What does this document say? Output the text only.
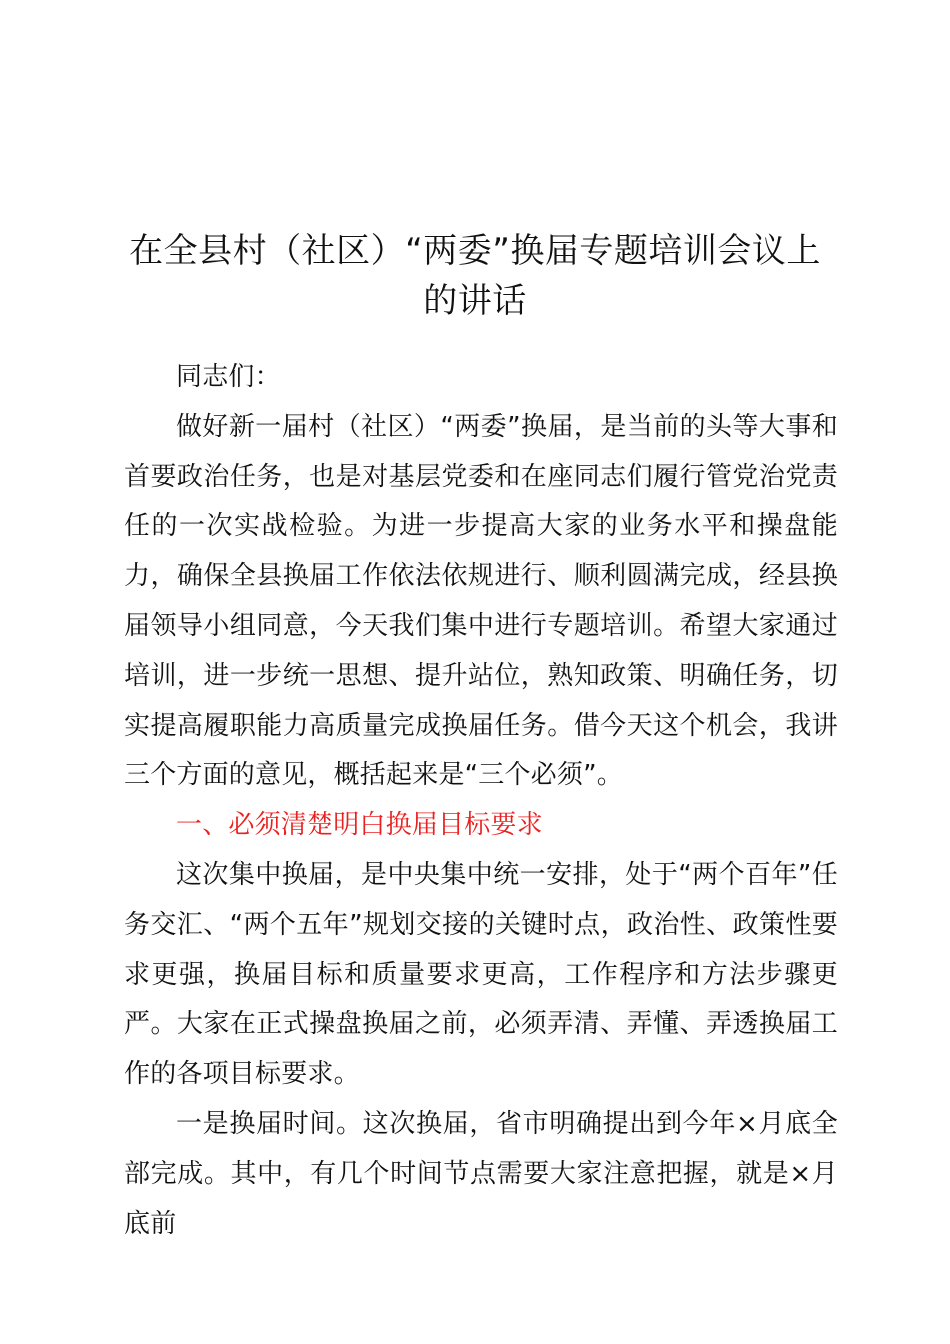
在全县村（社区）“两委”换届专题培训会议上的讲话

同志们：

做好新一届村（社区）“两委”换届，是当前的头等大事和首要政治任务，也是对基层党委和在座同志们履行管党治党责任的一次实战检验。为进一步提高大家的业务水平和操盘能力，确保全县换届工作依法依规进行、顺利圆满完成，经县换届领导小组同意，今天我们集中进行专题培训。希望大家通过培训，进一步统一思想、提升站位，熟知政策、明确任务，切实提高履职能力高质量完成换届任务。借今天这个机会，我讲三个方面的意见，概括起来是“三个必须”。

一、必须清楚明白换届目标要求

这次集中换届，是中央集中统一安排，处于“两个百年”任务交汇、“两个五年”规划交接的关键时点，政治性、政策性要求更强，换届目标和质量要求更高，工作程序和方法步骤更严。大家在正式操盘换届之前，必须弄清、弄懂、弄透换届工作的各项目标要求。

一是换届时间。这次换届，省市明确提出到今年×月底全部完成。其中，有几个时间节点需要大家注意把握，就是×月底前
